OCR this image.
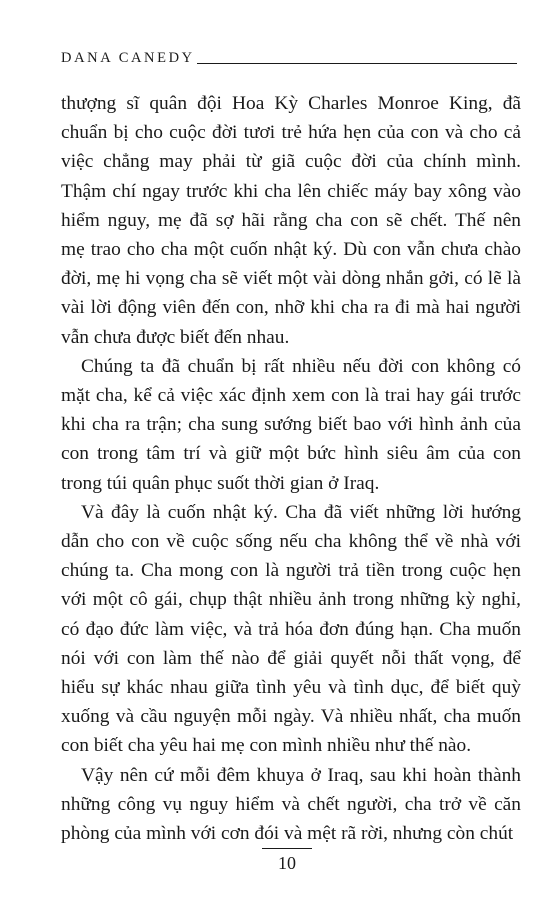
DANA CANEDY
thượng sĩ quân đội Hoa Kỳ Charles Monroe King, đã
chuẩn bị cho cuộc đời tươi trẻ hứa hẹn của con và cho cả
việc chẳng may phải từ giã cuộc đời của chính mình.
Thậm chí ngay trước khi cha lên chiếc máy bay xông vào
hiểm nguy, mẹ đã sợ hãi rằng cha con sẽ chết. Thế nên
mẹ trao cho cha một cuốn nhật ký. Dù con vẫn chưa chào
đời, mẹ hi vọng cha sẽ viết một vài dòng nhắn gởi, có lẽ là
vài lời động viên đến con, nhỡ khi cha ra đi mà hai người
vẫn chưa được biết đến nhau.
Chúng ta đã chuẩn bị rất nhiều nếu đời con không có
mặt cha, kể cả việc xác định xem con là trai hay gái trước
khi cha ra trận; cha sung sướng biết bao với hình ảnh của
con trong tâm trí và giữ một bức hình siêu âm của con
trong túi quân phục suốt thời gian ở Iraq.
Và đây là cuốn nhật ký. Cha đã viết những lời hướng
dẫn cho con về cuộc sống nếu cha không thể về nhà với
chúng ta. Cha mong con là người trả tiền trong cuộc hẹn
với một cô gái, chụp thật nhiều ảnh trong những kỳ nghỉ,
có đạo đức làm việc, và trả hóa đơn đúng hạn. Cha muốn
nói với con làm thế nào để giải quyết nỗi thất vọng, để
hiểu sự khác nhau giữa tình yêu và tình dục, để biết quỳ
xuống và cầu nguyện mỗi ngày. Và nhiều nhất, cha muốn
con biết cha yêu hai mẹ con mình nhiều như thế nào.
Vậy nên cứ mỗi đêm khuya ở Iraq, sau khi hoàn thành
những công vụ nguy hiểm và chết người, cha trở về căn
phòng của mình với cơn đói và mệt rã rời, nhưng còn chút
10
